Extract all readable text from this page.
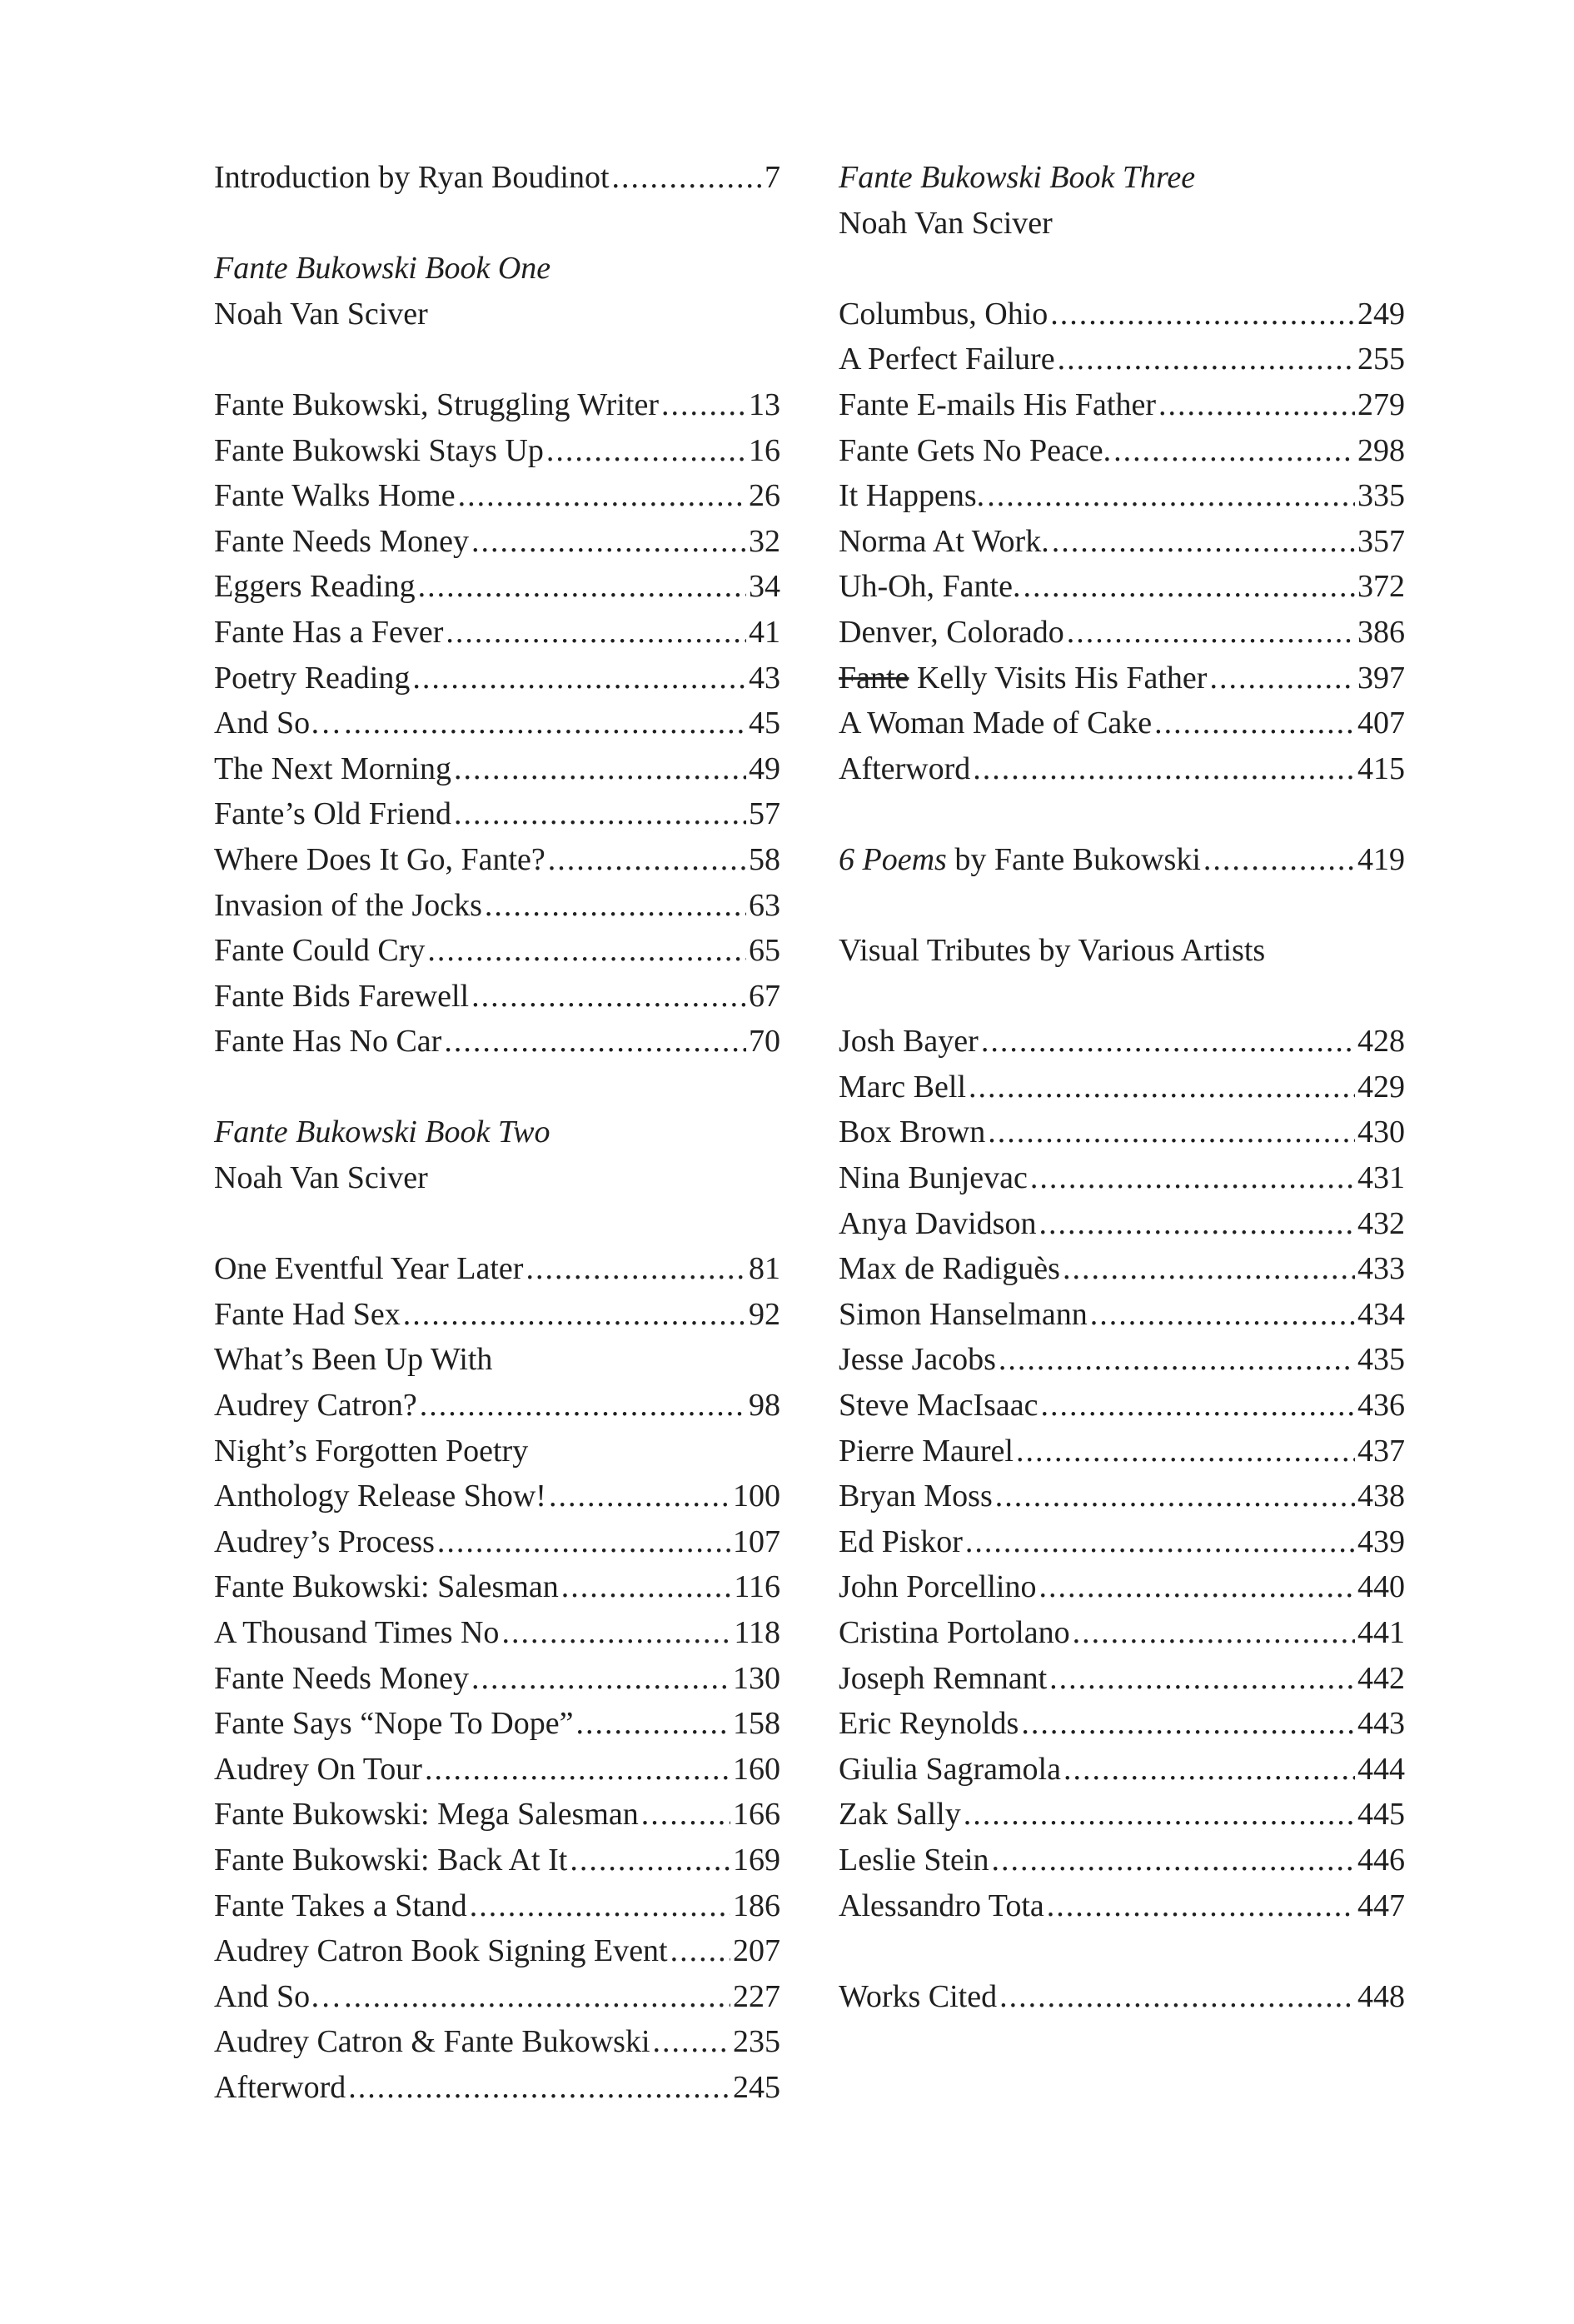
Introduction by Ryan Boudinot .....	7
Fante Bukowski Book One
Noah Van Sciver
Fante Bukowski, Struggling Writer .....	13
Fante Bukowski Stays Up .....	16
Fante Walks Home .....	26
Fante Needs Money .....	32
Eggers Reading .....	34
Fante Has a Fever .....	41
Poetry Reading .....	43
And So… .....	45
The Next Morning .....	49
Fante’s Old Friend .....	57
Where Does It Go, Fante? .....	58
Invasion of the Jocks .....	63
Fante Could Cry .....	65
Fante Bids Farewell .....	67
Fante Has No Car .....	70
Fante Bukowski Book Two
Noah Van Sciver
One Eventful Year Later .....	81
Fante Had Sex .....	92
What’s Been Up With
Audrey Catron? .....	98
Night’s Forgotten Poetry
Anthology Release Show! .....	100
Audrey’s Process .....	107
Fante Bukowski: Salesman .....	116
A Thousand Times No .....	118
Fante Needs Money .....	130
Fante Says “Nope To Dope” .....	158
Audrey On Tour .....	160
Fante Bukowski: Mega Salesman .....	166
Fante Bukowski: Back At It .....	169
Fante Takes a Stand .....	186
Audrey Catron Book Signing Event ..... 207
And So… .....	227
Audrey Catron & Fante Bukowski .....	235
Afterword .....	245
Fante Bukowski Book Three
Noah Van Sciver
Columbus, Ohio .....	249
A Perfect Failure .....	255
Fante E-mails His Father .....	279
Fante Gets No Peace. .....	298
It Happens. .....	335
Norma At Work. .....	357
Uh-Oh, Fante. .....	372
Denver, Colorado .....	386
Fante Kelly Visits His Father .....	397
A Woman Made of Cake .....	407
Afterword .....	415
6 Poems by Fante Bukowski .....	419
Visual Tributes by Various Artists
Josh Bayer .....	428
Marc Bell .....	429
Box Brown .....	430
Nina Bunjevac .....	431
Anya Davidson .....	432
Max de Radiguès .....	433
Simon Hanselmann .....	434
Jesse Jacobs .....	435
Steve MacIsaac .....	436
Pierre Maurel .....	437
Bryan Moss .....	438
Ed Piskor .....	439
John Porcellino .....	440
Cristina Portolano .....	441
Joseph Remnant .....	442
Eric Reynolds .....	443
Giulia Sagramola .....	444
Zak Sally .....	445
Leslie Stein .....	446
Alessandro Tota .....	447
Works Cited .....	448
